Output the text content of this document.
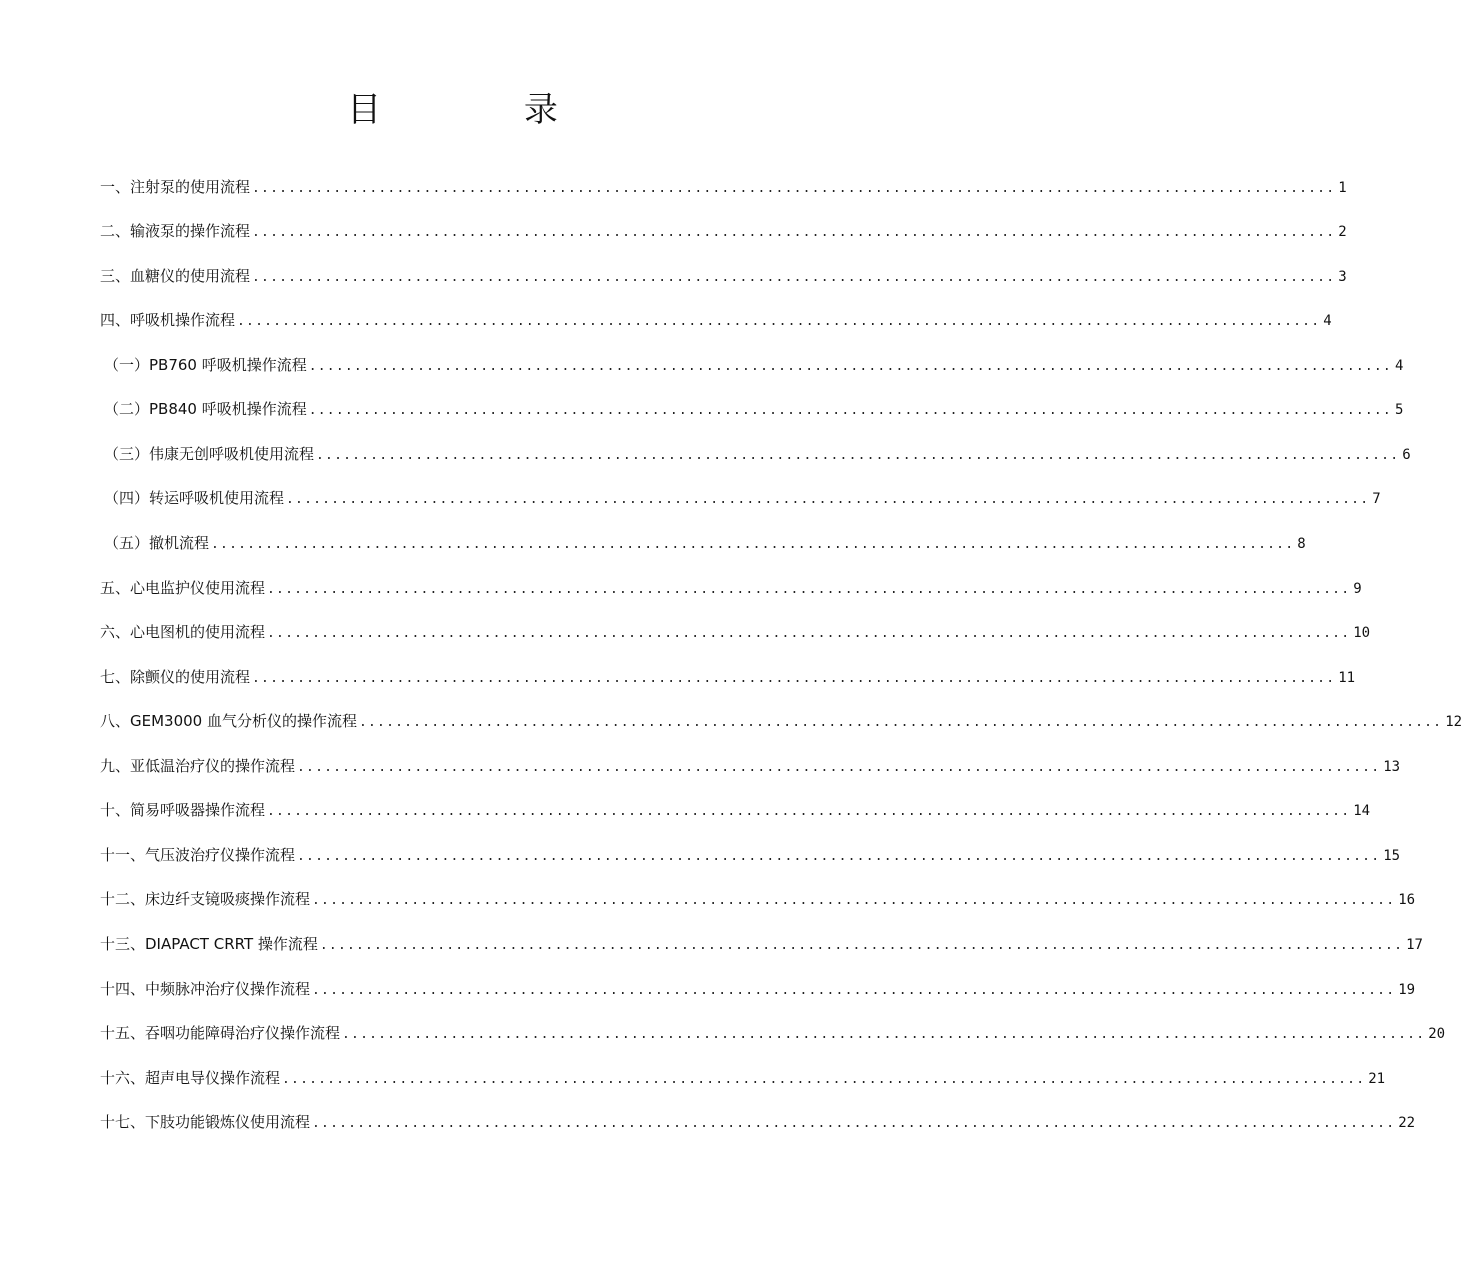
目 录
一、注射泵的使用流程 ........................................................................................................................ 1
二、输液泵的操作流程 ........................................................................................................................ 2
三、血糖仪的使用流程 ........................................................................................................................ 3
四、呼吸机操作流程 ........................................................................................................................ 4
（一）PB760 呼吸机操作流程 ........................................................................................................................ 4
（二）PB840 呼吸机操作流程 ........................................................................................................................ 5
（三）伟康无创呼吸机使用流程 ........................................................................................................................ 6
（四）转运呼吸机使用流程 ........................................................................................................................ 7
（五）撤机流程 ........................................................................................................................ 8
五、心电监护仪使用流程 ........................................................................................................................ 9
六、心电图机的使用流程 ........................................................................................................................ 10
七、除颤仪的使用流程 ........................................................................................................................ 11
八、GEM3000 血气分析仪的操作流程 ........................................................................................................................ 12
九、亚低温治疗仪的操作流程 ........................................................................................................................ 13
十、简易呼吸器操作流程 ........................................................................................................................ 14
十一、气压波治疗仪操作流程 ........................................................................................................................ 15
十二、床边纤支镜吸痰操作流程 ........................................................................................................................ 16
十三、DIAPACT CRRT 操作流程 ........................................................................................................................ 17
十四、中频脉冲治疗仪操作流程 ........................................................................................................................ 19
十五、吞咽功能障碍治疗仪操作流程 ........................................................................................................................ 20
十六、超声电导仪操作流程 ........................................................................................................................ 21
十七、下肢功能锻炼仪使用流程 ........................................................................................................................ 22
